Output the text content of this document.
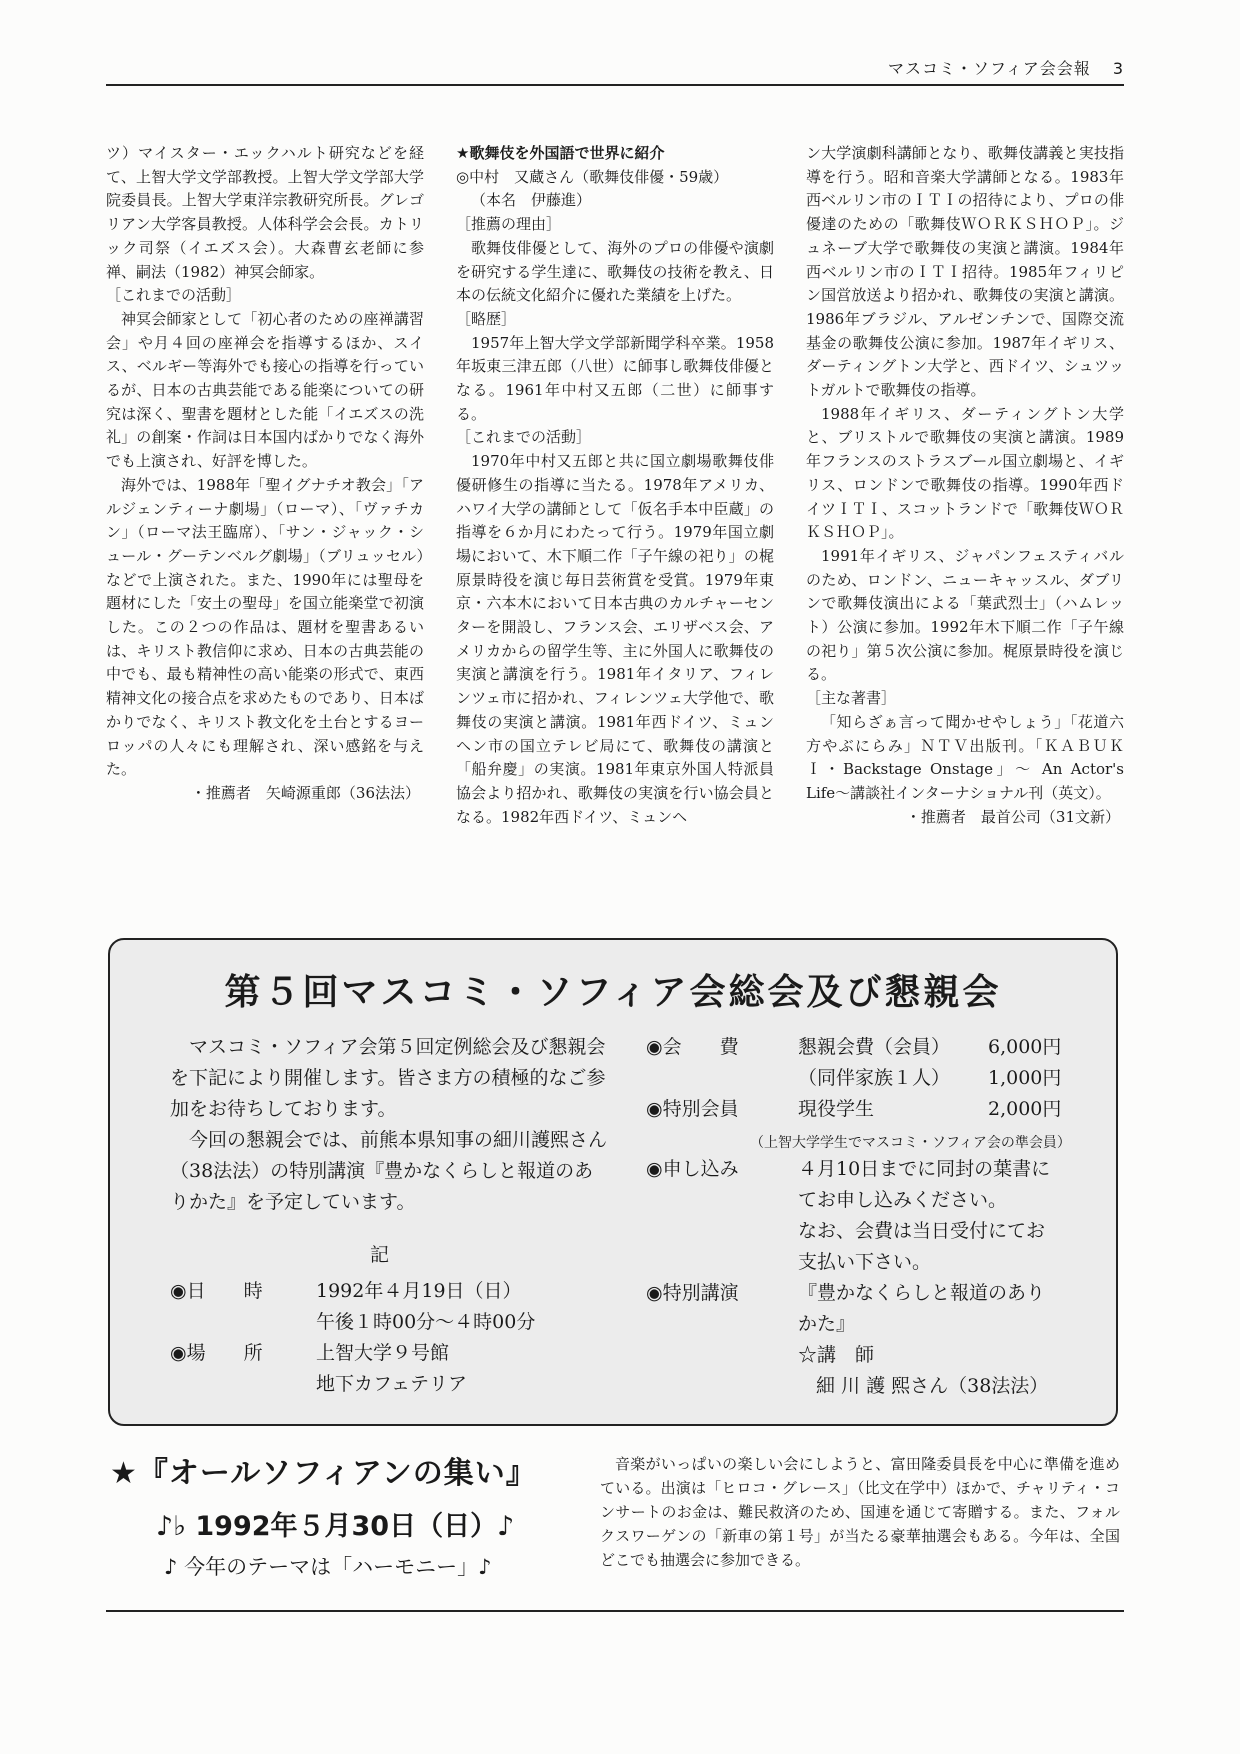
マスコミ・ソフィア会会報 3

ツ）マイスター・エックハルト研究などを経て、上智大学文学部教授。上智大学文学部大学院委員長。上智大学東洋宗教研究所長。グレゴリアン大学客員教授。人体科学会会長。カトリック司祭（イエズス会）。大森曹玄老師に参禅、嗣法（1982）神冥会師家。

［これまでの活動］

神冥会師家として「初心者のための座禅講習会」や月４回の座禅会を指導するほか、スイス、ベルギー等海外でも接心の指導を行っているが、日本の古典芸能である能楽についての研究は深く、聖書を題材とした能「イエズスの洗礼」の創案・作詞は日本国内ばかりでなく海外でも上演され、好評を博した。

海外では、1988年「聖イグナチオ教会」「アルジェンティーナ劇場」（ローマ）、「ヴァチカン」（ローマ法王臨席）、「サン・ジャック・シュール・グーテンベルグ劇場」（ブリュッセル）などで上演された。また、1990年には聖母を題材にした「安土の聖母」を国立能楽堂で初演した。この２つの作品は、題材を聖書あるいは、キリスト教信仰に求め、日本の古典芸能の中でも、最も精神性の高い能楽の形式で、東西精神文化の接合点を求めたものであり、日本ばかりでなく、キリスト教文化を土台とするヨーロッパの人々にも理解され、深い感銘を与えた。

・推薦者　矢崎源重郎（36法法）

★歌舞伎を外国語で世界に紹介

◎中村　又蔵さん（歌舞伎俳優・59歳）

（本名　伊藤進）

［推薦の理由］

歌舞伎俳優として、海外のプロの俳優や演劇を研究する学生達に、歌舞伎の技術を教え、日本の伝統文化紹介に優れた業績を上げた。

［略歴］

1957年上智大学文学部新聞学科卒業。1958年坂東三津五郎（八世）に師事し歌舞伎俳優となる。1961年中村又五郎（二世）に師事する。

［これまでの活動］

1970年中村又五郎と共に国立劇場歌舞伎俳優研修生の指導に当たる。1978年アメリカ、ハワイ大学の講師として「仮名手本中臣蔵」の指導を６か月にわたって行う。1979年国立劇場において、木下順二作「子午線の祀り」の梶原景時役を演じ毎日芸術賞を受賞。1979年東京・六本木において日本古典のカルチャーセンターを開設し、フランス会、エリザベス会、アメリカからの留学生等、主に外国人に歌舞伎の実演と講演を行う。1981年イタリア、フィレンツェ市に招かれ、フィレンツェ大学他で、歌舞伎の実演と講演。1981年西ドイツ、ミュンヘン市の国立テレビ局にて、歌舞伎の講演と「船弁慶」の実演。1981年東京外国人特派員協会より招かれ、歌舞伎の実演を行い協会員となる。1982年西ドイツ、ミュンヘ

ン大学演劇科講師となり、歌舞伎講義と実技指導を行う。昭和音楽大学講師となる。1983年西ベルリン市のＩＴＩの招待により、プロの俳優達のための「歌舞伎ＷＯＲＫＳＨＯＰ」。ジュネーブ大学で歌舞伎の実演と講演。1984年西ベルリン市のＩＴＩ招待。1985年フィリピン国営放送より招かれ、歌舞伎の実演と講演。1986年ブラジル、アルゼンチンで、国際交流基金の歌舞伎公演に参加。1987年イギリス、ダーティングトン大学と、西ドイツ、シュツットガルトで歌舞伎の指導。

1988年イギリス、ダーティングトン大学と、ブリストルで歌舞伎の実演と講演。1989年フランスのストラスブール国立劇場と、イギリス、ロンドンで歌舞伎の指導。1990年西ドイツＩＴＩ、スコットランドで「歌舞伎ＷＯＲＫＳＨＯＰ」。

1991年イギリス、ジャパンフェスティバルのため、ロンドン、ニューキャッスル、ダブリンで歌舞伎演出による「葉武烈士」（ハムレット）公演に参加。1992年木下順二作「子午線の祀り」第５次公演に参加。梶原景時役を演じる。

［主な著書］

「知らざぁ言って聞かせやしょう」「花道六方やぶにらみ」ＮＴＶ出版刊。「ＫＡＢＵＫＩ・Backstage Onstage」〜 An Actor's Life〜講談社インターナショナル刊（英文）。

・推薦者　最首公司（31文新）

第５回マスコミ・ソフィア会総会及び懇親会

マスコミ・ソフィア会第５回定例総会及び懇親会を下記により開催します。皆さま方の積極的なご参加をお待ちしております。

今回の懇親会では、前熊本県知事の細川護熙さん（38法法）の特別講演『豊かなくらしと報道のありかた』を予定しています。

記
◉日　　時	1992年４月19日（日）
午後１時00分〜４時00分
◉場　　所	上智大学９号館
地下カフェテリア
◉会　　費	懇親会費（会員）	6,000円
（同伴家族１人）	1,000円
◉特別会員	現役学生	2,000円
（上智大学学生でマスコミ・ソフィア会の準会員）
◉申し込み	４月10日までに同封の葉書にてお申し込みください。
なお、会費は当日受付にてお支払い下さい。
◉特別講演	『豊かなくらしと報道のありかた』
☆講　師
細 川 護 熙さん（38法法）
★『オールソフィアンの集い』
♪♭ 1992年５月30日（日）♪
♪ 今年のテーマは「ハーモニー」♪

音楽がいっぱいの楽しい会にしようと、富田隆委員長を中心に準備を進めている。出演は「ヒロコ・グレース」（比文在学中）ほかで、チャリティ・コンサートのお金は、難民救済のため、国連を通じて寄贈する。また、フォルクスワーゲンの「新車の第１号」が当たる豪華抽選会もある。今年は、全国どこでも抽選会に参加できる。
